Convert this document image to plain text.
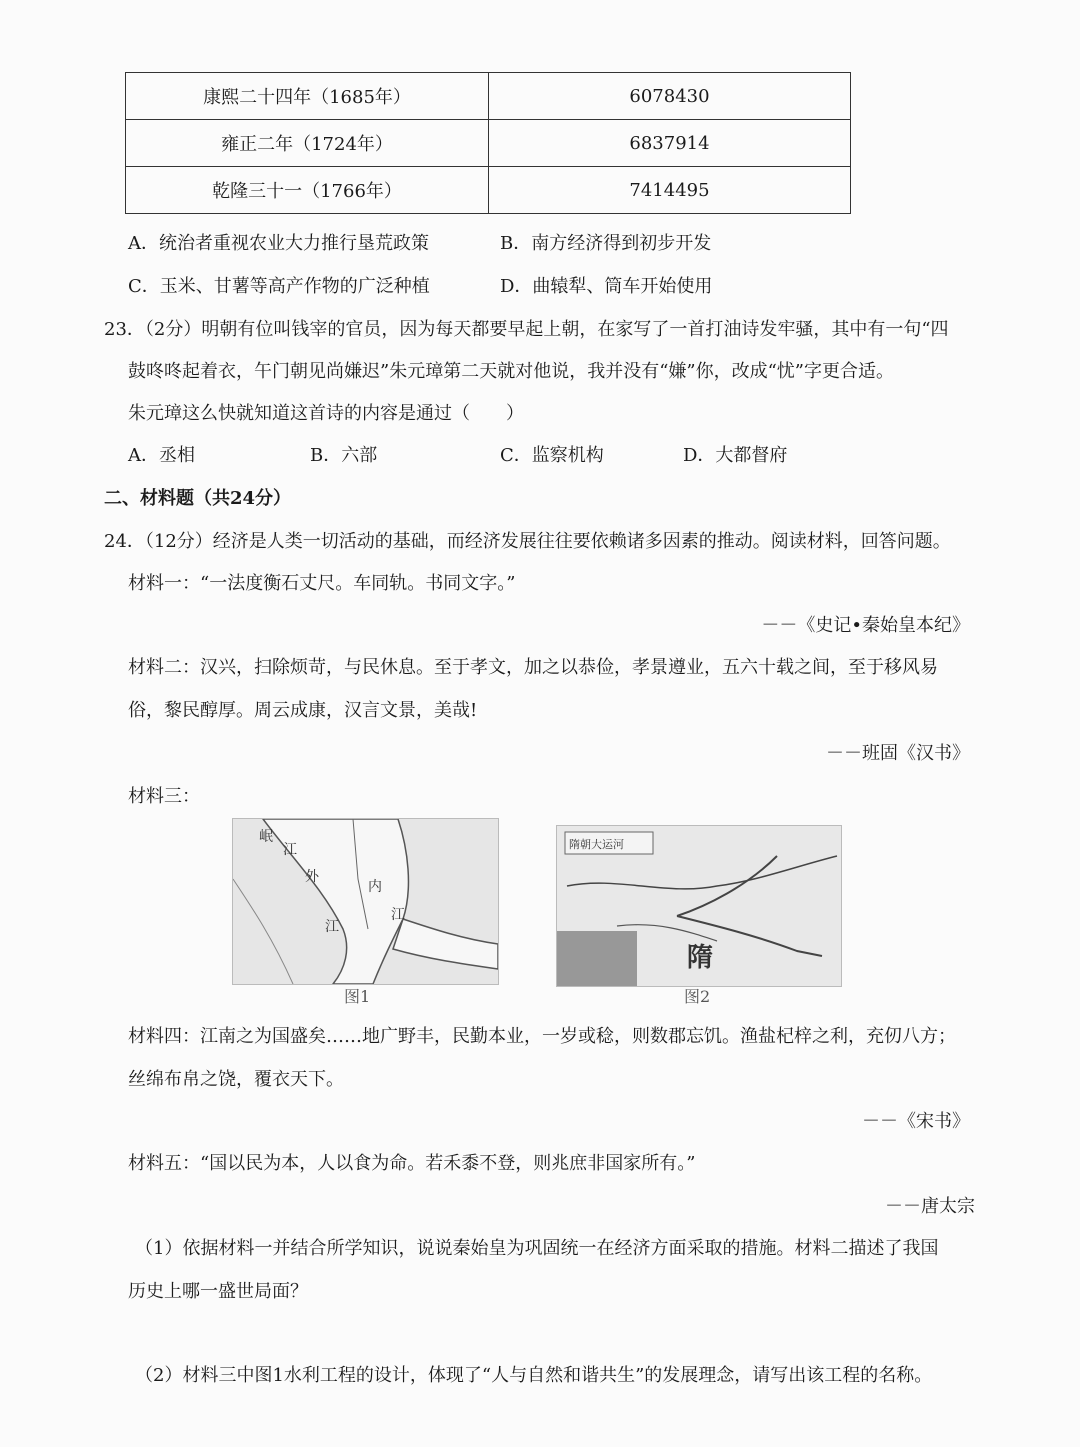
康熙二十四年（1685年）	6078430
雍正二年（1724年）	6837914
乾隆三十一（1766年）	7414495
A．统治者重视农业大力推行垦荒政策	B．南方经济得到初步开发
C．玉米、甘薯等高产作物的广泛种植	D．曲辕犁、筒车开始使用
23．（2分）明朝有位叫钱宰的官员，因为每天都要早起上朝，在家写了一首打油诗发牢骚，其中有一句“四
鼓咚咚起着衣，午门朝见尚嫌迟”朱元璋第二天就对他说，我并没有“嫌”你，改成“忧”字更合适。
朱元璋这么快就知道这首诗的内容是通过（　　）
A．丞相	B．六部	C．监察机构	D．大都督府
二、材料题（共24分）
24．（12分）经济是人类一切活动的基础，而经济发展往往要依赖诸多因素的推动。阅读材料，回答问题。
材料一：“一法度衡石丈尺。车同轨。书同文字。”
－－《史记•秦始皇本纪》
材料二：汉兴，扫除烦苛，与民休息。至于孝文，加之以恭俭，孝景遵业，五六十载之间，至于移风易
俗，黎民醇厚。周云成康，汉言文景，美哉!
－－班固《汉书》
材料三：
岷
江
外
内
江
江
图1
隋朝大运河
隋
图2
材料四：江南之为国盛矣……地广野丰，民勤本业，一岁或稔，则数郡忘饥。渔盐杞梓之利，充仞八方；
丝绵布帛之饶，覆衣天下。
－－《宋书》
材料五：“国以民为本，人以食为命。若禾黍不登，则兆庶非国家所有。”
－－唐太宗
（1）依据材料一并结合所学知识，说说秦始皇为巩固统一在经济方面采取的措施。材料二描述了我国
历史上哪一盛世局面？
（2）材料三中图1水利工程的设计，体现了“人与自然和谐共生”的发展理念，请写出该工程的名称。
